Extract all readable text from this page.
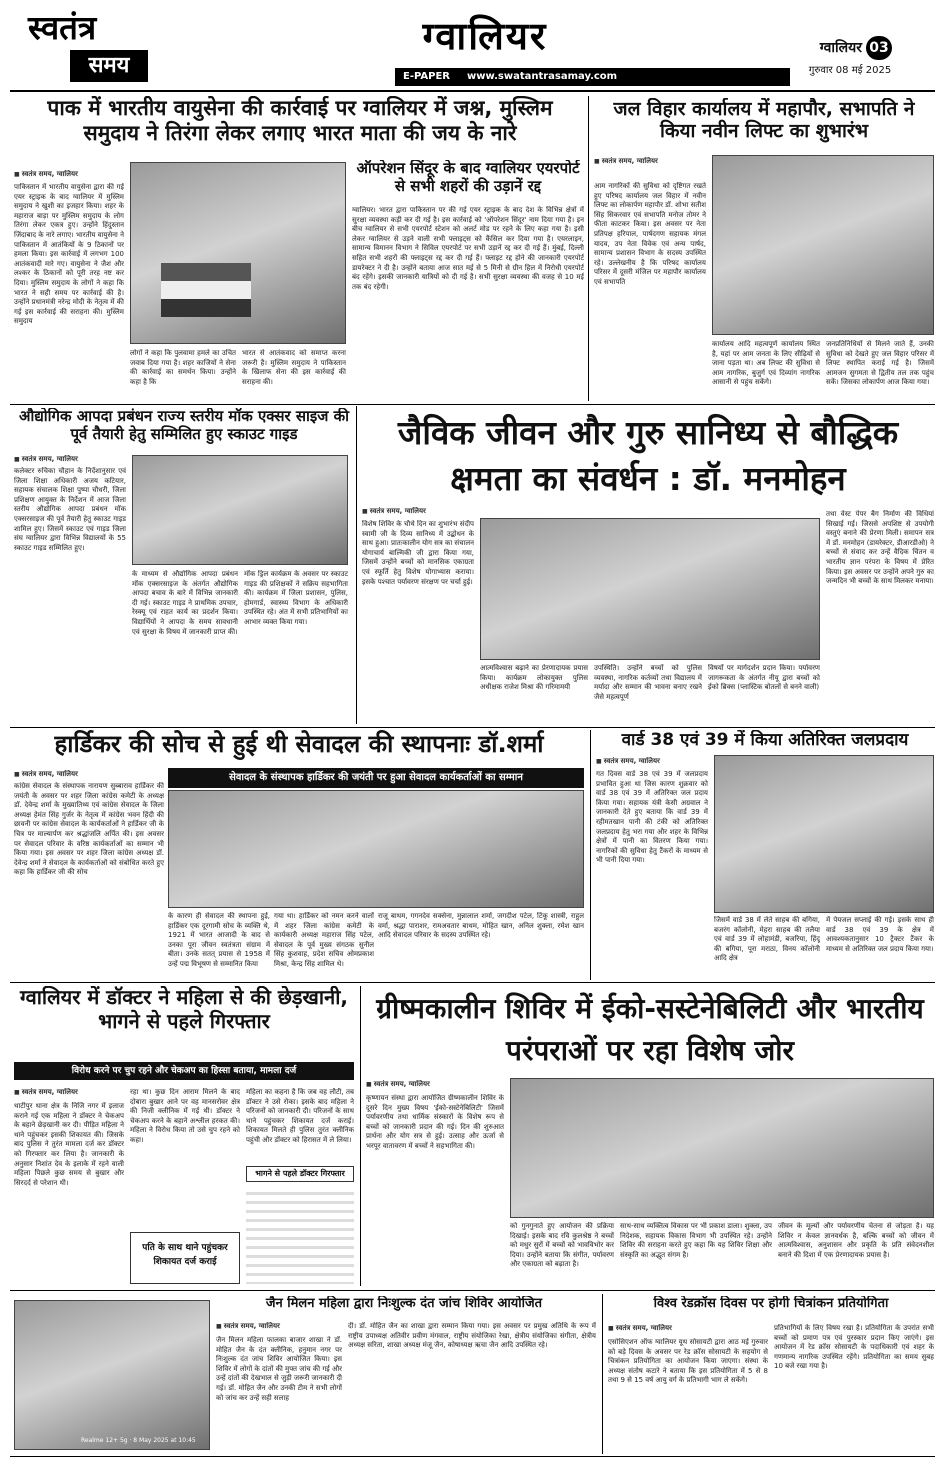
स्वतंत्र
समय
ग्वालियर
E-PAPER www.swatantrasamay.com
ग्वालियर 03
गुरुवार 08 मई 2025
पाक में भारतीय वायुसेना की कार्रवाई पर ग्वालियर में जश्न, मुस्लिम समुदाय ने तिरंगा लेकर लगाए भारत माता की जय के नारे
■ स्वतंत्र समय, ग्वालियर
पाकिस्तान में भारतीय वायुसेना द्वारा की गई एयर स्ट्राइक के बाद ग्वालियर में मुस्लिम समुदाय ने खुशी का इजहार किया। शहर के महाराज बाड़ा पर मुस्लिम समुदाय के लोग तिरंगा लेकर एकत्र हुए। उन्होंने हिंदुस्तान जिंदाबाद के नारे लगाए। भारतीय वायुसेना ने पाकिस्तान में आतंकियों के 9 ठिकानों पर हमला किया। इस कार्रवाई में लगभग 100 आतंकवादी मारे गए। वायुसेना ने जैश और लश्कर के ठिकानों को पूरी तरह नष्ट कर दिया। मुस्लिम समुदाय के लोगों ने कहा कि भारत ने सही समय पर कार्रवाई की है। उन्होंने प्रधानमंत्री नरेन्द्र मोदी के नेतृत्व में की गई इस कार्रवाई की सराहना की। मुस्लिम समुदाय
लोगों ने कहा कि पुलवामा हमले का उचित जवाब दिया गया है। शहर काजियों ने सेना की कार्रवाई का समर्थन किया। उन्होंने कहा है कि
भारत से आतंकवाद को समाप्त करना जरूरी है। मुस्लिम समुदाय ने पाकिस्तान के खिलाफ सेना की इस कार्रवाई की सराहना की।
ऑपरेशन सिंदूर के बाद ग्वालियर एयरपोर्ट से सभी शहरों की उड़ानें रद्द
ग्वालियर। भारत द्वारा पाकिस्तान पर की गई एयर स्ट्राइक के बाद देश के विभिन्न क्षेत्रों में सुरक्षा व्यवस्था कड़ी कर दी गई है। इस कार्रवाई को 'ऑपरेशन सिंदूर' नाम दिया गया है। इन बीच ग्वालियर से सभी एयरपोर्ट स्टेशन को अलर्ट मोड पर रहने के लिए कहा गया है। इसी लेकर ग्वालियर से उड़ने वाली सभी फ्लाइट्स को कैंसिल कर दिया गया है। एयरलाइन, सामान्य विमानन विभाग ने सिविल एयरपोर्ट पर सभी उड़ानें रद्द कर दी गई हैं। मुंबई, दिल्ली सहित सभी शहरों की फ्लाइट्स रद्द कर दी गई हैं। फ्लाइट रद्द होने की जानकारी एयरपोर्ट डायरेक्टर ने दी है। उन्होंने बताया आज सात मई से 5 मिनी से ग्रीन हिल में निरोधी एयरपोर्ट बंद रहेंगे। इसकी जानकारी यात्रियों को दी गई है। सभी सुरक्षा व्यवस्था की वजह से 10 मई तक बंद रहेगी।
जल विहार कार्यालय में महापौर, सभापति ने किया नवीन लिफ्ट का शुभारंभ
■ स्वतंत्र समय, ग्वालियर
आम नागरिकों की सुविधा को दृष्टिगत रखते हुए परिषद कार्यालय जल विहार में नवीन लिफ्ट का लोकार्पण महापौर डॉ. शोभा सतीश सिंह सिकरवार एवं सभापति मनोज तोमर ने फीता काटकर किया। इस अवसर पर नेता प्रतिपक्ष हरिपाल, पार्षदगण सहायक मंगल यादव, उप नेता विवेक एवं अन्य पार्षद, सामान्य प्रशासन विभाग के सदस्य उपस्थित रहे। उल्लेखनीय है कि परिषद कार्यालय परिसर में दूसरी मंजिल पर महापौर कार्यालय एवं सभापति
कार्यालय आदि महत्वपूर्ण कार्यालय स्थित है, यहां पर आम जनता के लिए सीढ़ियों से जाना पड़ता था। अब लिफ्ट की सुविधा से आम नागरिक, बुजुर्ग एवं दिव्यांग नागरिक आसानी से पहुंच सकेंगे।
जनप्रतिनिधियों से मिलने जाते हैं, उनकी सुविधा को देखते हुए जल विहार परिसर में लिफ्ट स्थापित कराई गई है। जिसमें आमजन सुगमता से द्वितीय तल तक पहुंच सकें। जिसका लोकार्पण आज किया गया।
औद्योगिक आपदा प्रबंधन राज्य स्तरीय मॉक एक्सर साइज की पूर्व तैयारी हेतु सम्मिलित हुए स्काउट गाइड
■ स्वतंत्र समय, ग्वालियर
कलेक्टर रुचिका चौहान के निर्देशानुसार एवं जिला शिक्षा अधिकारी अजय कटियार, सहायक संचालक शिक्षा पुष्पा चौधरी, जिला प्रशिक्षण आयुक्त के निर्देशन में आज जिला स्तरीय औद्योगिक आपदा प्रबंधन मॉक एक्सरसाइज की पूर्व तैयारी हेतु स्काउट गाइड शामिल हुए। जिसमें स्काउट एवं गाइड जिला संघ ग्वालियर द्वारा विभिन्न विद्यालयों के 55 स्काउट गाइड सम्मिलित हुए।
के माध्यम से औद्योगिक आपदा प्रबंधन मॉक एक्सरसाइज के अंतर्गत औद्योगिक आपदा बचाव के बारे में विभिन्न जानकारी दी गई। स्काउट गाइड ने प्राथमिक उपचार, रेस्क्यू एवं राहत कार्य का प्रदर्शन किया। विद्यार्थियों ने आपदा के समय सावधानी एवं सुरक्षा के विषय में जानकारी प्राप्त की।
मॉक ड्रिल कार्यक्रम के अवसर पर स्काउट गाइड की प्रशिक्षकों ने सक्रिय सहभागिता की। कार्यक्रम में जिला प्रशासन, पुलिस, होमगार्ड, स्वास्थ्य विभाग के अधिकारी उपस्थित रहे। अंत में सभी प्रतिभागियों का आभार व्यक्त किया गया।
जैविक जीवन और गुरु सानिध्य से बौद्धिक क्षमता का संवर्धन : डॉ. मनमोहन
■ स्वतंत्र समय, ग्वालियर
विशेष शिविर के चौथे दिन का शुभारंभ संदीप स्वामी जी के दिव्य सानिध्य में उद्बोधन के साथ हुआ। प्रातःकालीन योग सत्र का संचालन योगाचार्य बाल्मिकी जी द्वारा किया गया, जिसमें उन्होंने बच्चों को मानसिक एकाग्रता एवं स्फूर्ति हेतु विशेष योगाभ्यास कराया। इसके पश्चात पर्यावरण संरक्षण पर चर्चा हुई।
आत्मविश्वास बढ़ाने का प्रेरणादायक प्रयास किया। कार्यक्रम लोकायुक्त पुलिस अधीक्षक राजेश मिश्रा की गरिमामयी
उपस्थिति। उन्होंने बच्चों को पुलिस व्यवस्था, नागरिक कर्तव्यों तथा विद्यालय में मर्यादा और सम्मान की भावना बनाए रखने जैसे महत्वपूर्ण
विषयों पर मार्गदर्शन प्रदान किया। पर्यावरण जागरूकता के अंतर्गत नीयू द्वारा बच्चों को ईको ब्रिक्स (प्लास्टिक बोतलों से बनने वाली)
तथा वेस्ट पेपर बैग निर्माण की विधियां सिखाई गई। जिससे अपशिष्ट से उपयोगी वस्तुएं बनाने की प्रेरणा मिली। समापन सत्र में डॉ. मनमोहन (डायरेक्टर, डीआरडीओ) ने बच्चों से संवाद कर उन्हें वैदिक चिंतन व भारतीय ज्ञान परंपरा के विषय में प्रेरित किया। इस अवसर पर उन्होंने अपने गुरु का जन्मदिन भी बच्चों के साथ मिलकर मनाया।
हार्डिकर की सोच से हुई थी सेवादल की स्थापनाः डॉ.शर्मा
■ स्वतंत्र समय, ग्वालियर
कांग्रेस सेवादल के संस्थापक नारायण सुब्बाराव हार्डिकर की जयंती के अवसर पर शहर जिला कांग्रेस कमेटी के अध्यक्ष डॉ. देवेन्द्र शर्मा के मुख्यातिथ्य एवं कांग्रेस सेवादल के जिला अध्यक्ष हेमंत सिंह गुर्जर के नेतृत्व में कांग्रेस भवन हिंदी की छावनी पर कांग्रेस सेवादल के कार्यकर्ताओं ने हार्डिकर जी के चित्र पर माल्यार्पण कर श्रद्धांजलि अर्पित की। इस अवसर पर सेवादल परिवार के वरिष्ठ कार्यकर्ताओं का सम्मान भी किया गया। इस अवसर पर शहर जिला कांग्रेस अध्यक्ष डॉ. देवेन्द्र शर्मा ने सेवादल के कार्यकर्ताओं को संबोधित करते हुए कहा कि हार्डिकर जी की सोच
सेवादल के संस्थापक हार्डिकर की जयंती पर हुआ सेवादल कार्यकर्ताओं का सम्मान
के कारण ही सेवादल की स्थापना हुई, हार्डिकर एक दूरगामी सोच के व्यक्ति थे, 1921 में भारत आजादी के बाद से उनका पूरा जीवन स्वतंत्रता संग्राम में बीता। उनके सतत् प्रयास से 1958 में उन्हें पद्म विभूषण से सम्मानित किया
गया था। हार्डिकर को नमन करने वालों में शहर जिला कांग्रेस कमेटी के कार्यकारी अध्यक्ष महाराज सिंह पटेल, सेवादल के पूर्व मुख्य संगठक सुनील सिंह कुशवाह, प्रदेश सचिव ओमप्रकाश मिश्रा, केन्द्र सिंह शामिल थे।
राजू बाथम, गगनदेव सक्सेना, मुन्नालाल शर्मा, जगदीश पटेल, टिंकू शास्त्री, राहुल वर्मा, श्रद्धा पाराशर, रामअवतार बाथम, मोहित खान, अनिल शुक्ला, रमेश खान आदि सेवादल परिवार के सदस्य उपस्थित रहे।
वार्ड 38 एवं 39 में किया अतिरिक्त जलप्रदाय
■ स्वतंत्र समय, ग्वालियर
गत दिवस वार्ड 38 एवं 39 में जलप्रदाय प्रभावित हुआ था जिस कारण शुक्रवार को वार्ड 38 एवं 39 में अतिरिक्त जल प्रदाय किया गया। सहायक यंत्री केसी अग्रवाल ने जानकारी देते हुए बताया कि वार्ड 39 में रहीमतखान पानी की टंकी को अतिरिक्त जलप्रदाय हेतु भरा गया और शहर के विभिन्न क्षेत्रों में पानी का वितरण किया गया। नागरिकों की सुविधा हेतु टैंकरों के माध्यम से भी पानी दिया गया।
जिसमें वार्ड 38 में लेते साहब की बगिया, बजरंग कॉलोनी, मेहरा साहब की तलैया एवं वार्ड 39 में लोहामंडी, बजरिया, हिंदू की बगिया, पूरा मराठा, विनय कॉलोनी आदि क्षेत्र
में पेयजल सप्लाई की गई। इसके साथ ही वार्ड 38 एवं 39 के क्षेत्र में आवश्यकतानुसार 10 ट्रैक्टर टैंकर के माध्यम से अतिरिक्त जल प्रदाय किया गया।
ग्वालियर में डॉक्टर ने महिला से की छेड़खानी, भागने से पहले गिरफ्तार
विरोध करने पर चुप रहने और चेकअप का हिस्सा बताया, मामला दर्ज
■ स्वतंत्र समय, ग्वालियर
थाटीपुर थाना क्षेत्र के निजि नगर में इलाज कराने गई एक महिला ने डॉक्टर ने चेकअप के बहाने छेड़खानी कर दी। पीड़ित महिला ने थाने पहुंचकर इसकी शिकायत की। जिसके बाद पुलिस ने तुरंत मामला दर्ज कर डॉक्टर को गिरफ्तार कर लिया है। जानकारी के अनुसार निशांत देव के इलाके में रहने वाली महिला पिछले कुछ समय से बुखार और सिरदर्द से परेशान थी।
रहा था। कुछ दिन आराम मिलने के बाद दोबारा बुखार आने पर वह मानसरोवर क्षेत्र की निजी क्लीनिक में गई थी। डॉक्टर ने चेकअप करने के बहाने अश्लील हरकत की। महिला ने विरोध किया तो उसे चुप रहने को कहा।
पति के साथ थाने पहुंचकर शिकायत दर्ज कराई
महिला का कहना है कि जब वह लौटी, तब डॉक्टर ने उसे रोका। इसके बाद महिला ने परिजनों को जानकारी दी। परिजनों के साथ थाने पहुंचकर शिकायत दर्ज कराई। शिकायत मिलते ही पुलिस तुरंत क्लीनिक पहुंची और डॉक्टर को हिरासत में ले लिया।
भागने से पहले डॉक्टर गिरफ्तार
ग्रीष्मकालीन शिविर में ईको-सस्टेनेबिलिटी और भारतीय परंपराओं पर रहा विशेष जोर
■ स्वतंत्र समय, ग्वालियर
कृष्णायन संस्था द्वारा आयोजित ग्रीष्मकालीन शिविर के दूसरे दिन मुख्य विषय 'ईको-सस्टेनेबिलिटी' जिसमें पर्यावरणीय तथा धार्मिक संस्कारों के विशेष रूप से बच्चों को जानकारी प्रदान की गई। दिन की शुरुआत प्रार्थना और योग सत्र से हुई। उत्साह और ऊर्जा से भरपूर वातावरण में बच्चों ने सहभागिता की।
को गुनगुनाते हुए आयोजन की प्रक्रिया दिखाई। इसके बाद रवि कुलश्रेष्ठ ने बच्चों को मधुर सुरों में बच्चों को भावविभोर कर दिया। उन्होंने बताया कि संगीत, पर्यावरण और एकाग्रता को बढ़ाता है।
साथ-साथ व्यक्तित्व विकास पर भी प्रकाश डाला। शुक्ला, उप निदेशक, सहायक विकास विभाग भी उपस्थित रहे। उन्होंने शिविर की सराहना करते हुए कहा कि यह शिविर शिक्षा और संस्कृति का अद्भुत संगम है।
जीवन के मूल्यों और पर्यावरणीय चेतना से जोड़ता है। यह शिविर न केवल ज्ञानवर्धक है, बल्कि बच्चों को जीवन में आत्मविश्वास, अनुशासन और प्रकृति के प्रति संवेदनशील बनाने की दिशा में एक प्रेरणादायक प्रयास है।
जैन मिलन महिला द्वारा निःशुल्क दंत जांच शिविर आयोजित
Realme 12+ 5g · 8 May 2025 at 10:45
■ स्वतंत्र समय, ग्वालियर
जैन मिलन महिला फालका बाजार शाखा ने डॉ. मोहित जैन के दंत क्लीनिक, हनुमान नगर पर निःशुल्क दंत जांच शिविर आयोजित किया। इस शिविर में लोगों के दांतों की मुफ्त जांच की गई और उन्हें दांतों की देखभाल से जुड़ी जरूरी जानकारी दी गई। डॉ. मोहित जैन और उनकी टीम ने सभी लोगों को जांच कर उन्हें सही सलाह
दी। डॉ. मोहित जैन का शाखा द्वारा सम्मान किया गया। इस अवसर पर प्रमुख अतिथि के रूप में राष्ट्रीय उपाध्यक्ष अतिवीर प्रवीण मंगवाल, राष्ट्रीय संयोजिका रेखा, क्षेत्रीय संयोजिका संगीता, क्षेत्रीय अध्यक्ष सरिता, शाखा अध्यक्ष मंजू जैन, कोषाध्यक्ष ऋचा जैन आदि उपस्थित रहे।
विश्व रेडक्रॉस दिवस पर होगी चित्रांकन प्रतियोगिता
■ स्वतंत्र समय, ग्वालियर
एसोसिएशन ऑफ ग्वालियर यूथ सोसायटी द्वारा आठ मई गुरुवार को बड़े दिवस के अवसर पर रेड क्रॉस सोसायटी के सहयोग से चित्रांकन प्रतियोगिता का आयोजन किया जाएगा। संस्था के अध्यक्ष संतोष कटारे ने बताया कि इस प्रतियोगिता में 5 से 8 तथा 9 से 15 वर्ष आयु वर्ग के प्रतिभागी भाग ले सकेंगे।
प्रतिभागियों के लिए विषय रखा है। प्रतियोगिता के उपरांत सभी बच्चों को प्रमाण पत्र एवं पुरस्कार प्रदान किए जाएंगे। इस आयोजन में रेड क्रॉस सोसायटी के पदाधिकारी एवं शहर के गणमान्य नागरिक उपस्थित रहेंगे। प्रतियोगिता का समय सुबह 10 बजे रखा गया है।
